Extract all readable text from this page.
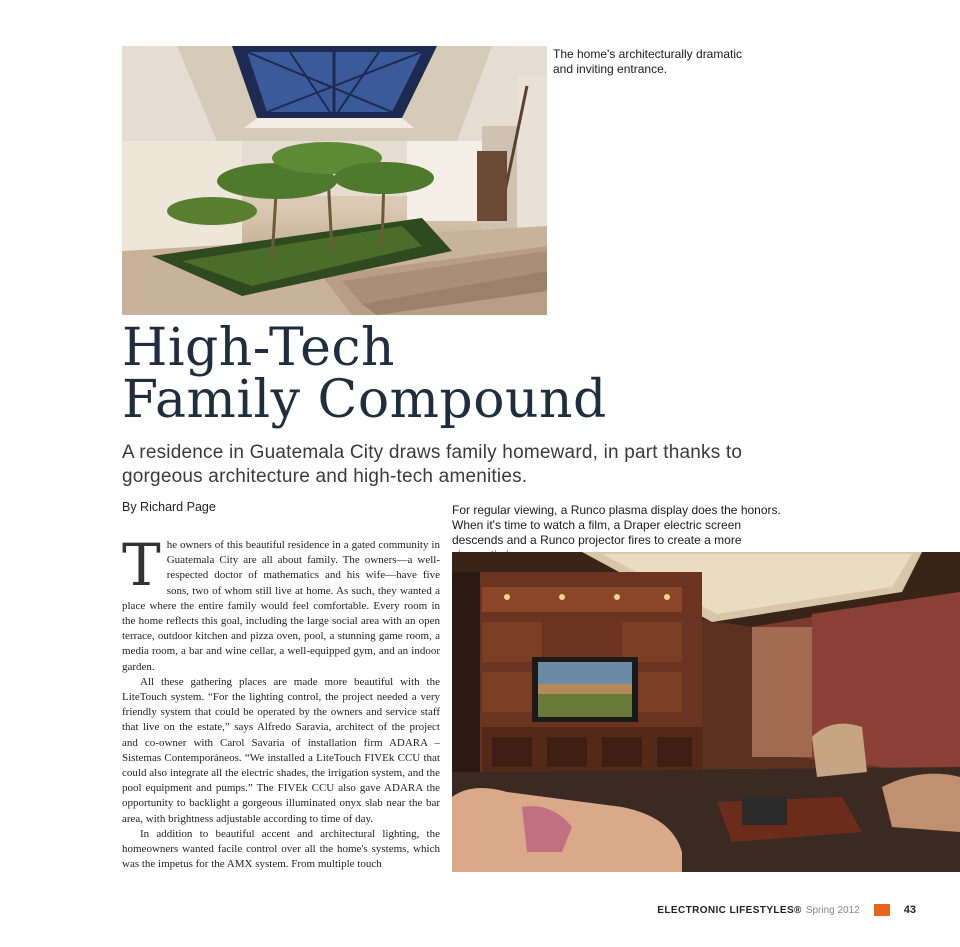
The home's architecturally dramatic and inviting entrance.
High-Tech
Family Compound
A residence in Guatemala City draws family homeward, in part thanks to gorgeous architecture and high-tech amenities.
By Richard Page	For regular viewing, a Runco plasma display does the honors. When it's time to watch a film, a Draper electric screen descends and a Runco projector fires to create a more

The owners of this beautiful residence in a gated community in Guatemala City are all about family. The owners—a well-respected doctor of mathematics and his wife—have five sons, two of whom still live at home. As such, they wanted a place where the entire family would feel comfortable. Every room in the home reflects this goal, including the large social area with an open terrace, outdoor kitchen and pizza oven, pool, a stunning game room, a media room, a bar and wine cellar, a well-equipped gym, and an indoor garden.

All these gathering places are made more beautiful with the LiteTouch system. “For the lighting control, the project needed a very friendly system that could be operated by the owners and service staff that live on the estate,” says Alfredo Saravia, architect of the project and co-owner with Carol Savaria of installation firm ADARA – Sistemas Contemporáneos. “We installed a LiteTouch FIVEk CCU that could also integrate all the electric shades, the irrigation system, and the pool equipment and pumps.” The FIVEk CCU also gave ADARA the opportunity to backlight a gorgeous illuminated onyx slab near the bar area, with brightness adjustable according to time of day.

In addition to beautiful accent and architectural lighting, the homeowners wanted facile control over all the home's systems, which was the impetus for the AMX system. From multiple touch

ELECTRONIC LIFESTYLES® Spring 2012	43
